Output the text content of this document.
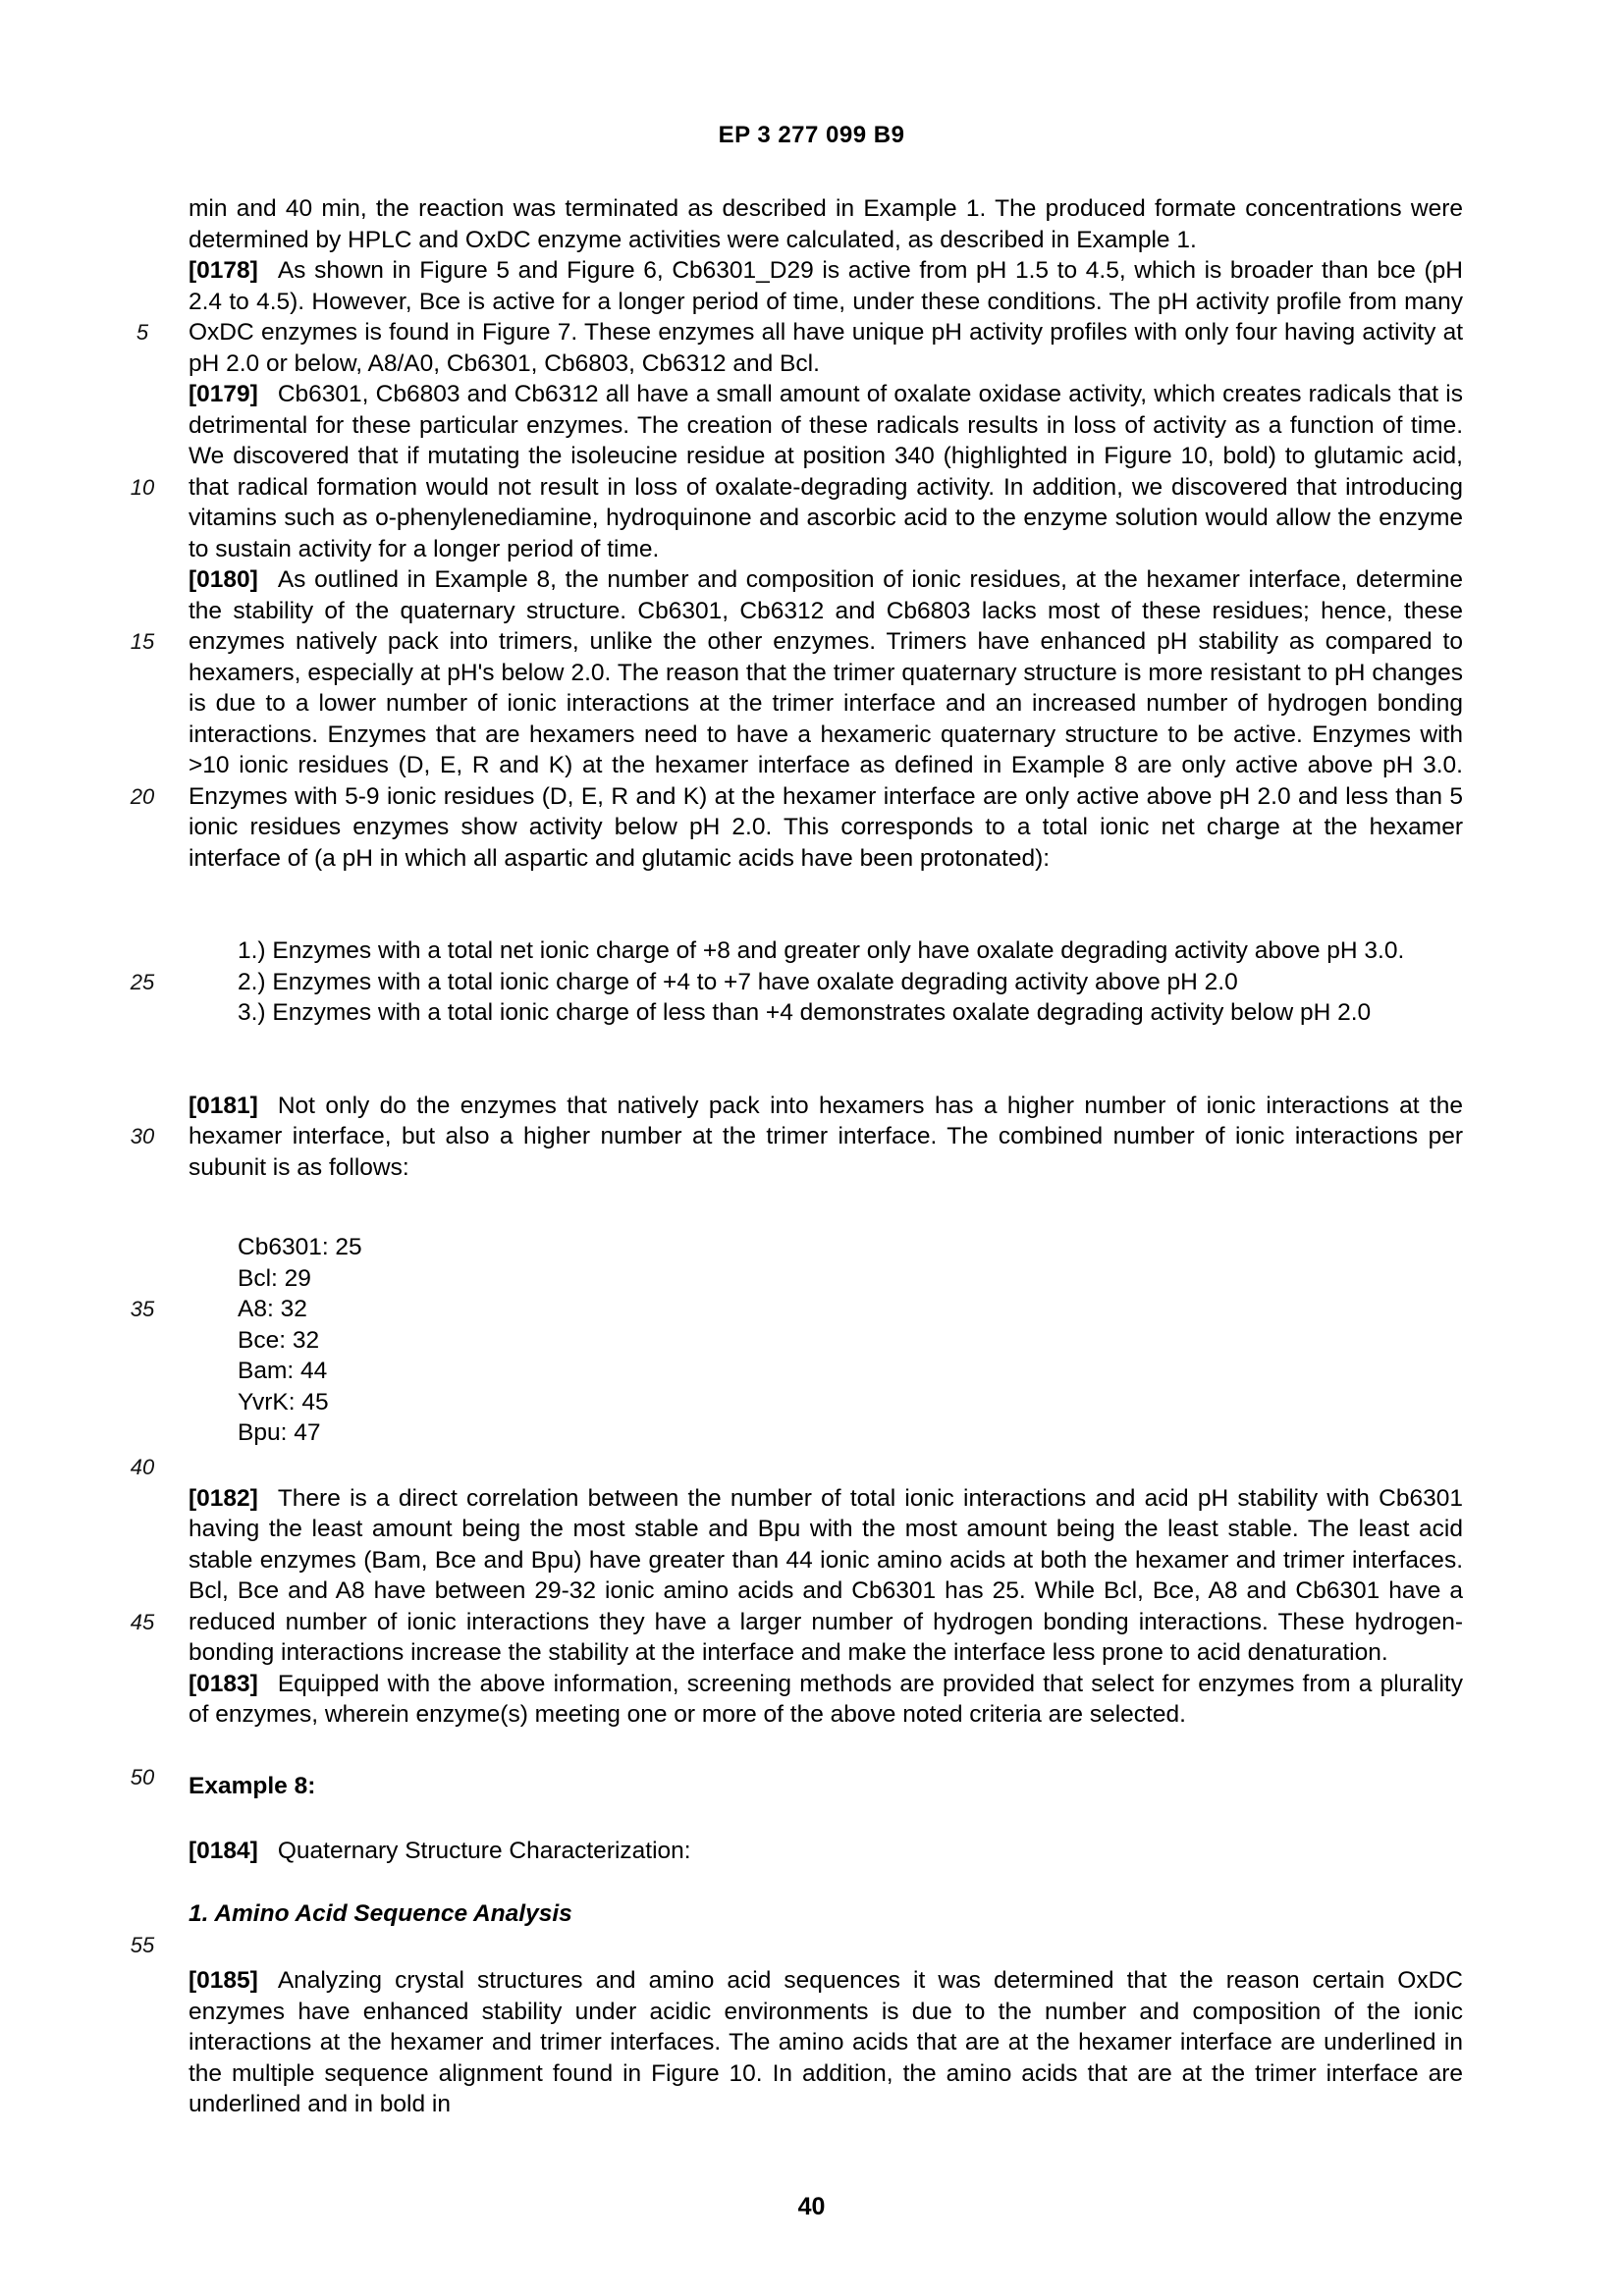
EP 3 277 099 B9
5
10
15
20
25
30
35
40
45
50
55

min and 40 min, the reaction was terminated as described in Example 1. The produced formate concentrations were determined by HPLC and OxDC enzyme activities were calculated, as described in Example 1.

[0178] As shown in Figure 5 and Figure 6, Cb6301_D29 is active from pH 1.5 to 4.5, which is broader than bce (pH 2.4 to 4.5). However, Bce is active for a longer period of time, under these conditions. The pH activity profile from many OxDC enzymes is found in Figure 7. These enzymes all have unique pH activity profiles with only four having activity at pH 2.0 or below, A8/A0, Cb6301, Cb6803, Cb6312 and Bcl.

[0179] Cb6301, Cb6803 and Cb6312 all have a small amount of oxalate oxidase activity, which creates radicals that is detrimental for these particular enzymes. The creation of these radicals results in loss of activity as a function of time. We discovered that if mutating the isoleucine residue at position 340 (highlighted in Figure 10, bold) to glutamic acid, that radical formation would not result in loss of oxalate-degrading activity. In addition, we discovered that introducing vitamins such as o-phenylenediamine, hydroquinone and ascorbic acid to the enzyme solution would allow the enzyme to sustain activity for a longer period of time.

[0180] As outlined in Example 8, the number and composition of ionic residues, at the hexamer interface, determine the stability of the quaternary structure. Cb6301, Cb6312 and Cb6803 lacks most of these residues; hence, these enzymes natively pack into trimers, unlike the other enzymes. Trimers have enhanced pH stability as compared to hexamers, especially at pH's below 2.0. The reason that the trimer quaternary structure is more resistant to pH changes is due to a lower number of ionic interactions at the trimer interface and an increased number of hydrogen bonding interactions. Enzymes that are hexamers need to have a hexameric quaternary structure to be active. Enzymes with >10 ionic residues (D, E, R and K) at the hexamer interface as defined in Example 8 are only active above pH 3.0. Enzymes with 5-9 ionic residues (D, E, R and K) at the hexamer interface are only active above pH 2.0 and less than 5 ionic residues enzymes show activity below pH 2.0. This corresponds to a total ionic net charge at the hexamer interface of (a pH in which all aspartic and glutamic acids have been protonated):

1.) Enzymes with a total net ionic charge of +8 and greater only have oxalate degrading activity above pH 3.0.
2.) Enzymes with a total ionic charge of +4 to +7 have oxalate degrading activity above pH 2.0
3.) Enzymes with a total ionic charge of less than +4 demonstrates oxalate degrading activity below pH 2.0

[0181] Not only do the enzymes that natively pack into hexamers has a higher number of ionic interactions at the hexamer interface, but also a higher number at the trimer interface. The combined number of ionic interactions per subunit is as follows:

Cb6301: 25
Bcl: 29
A8: 32
Bce: 32
Bam: 44
YvrK: 45
Bpu: 47

[0182] There is a direct correlation between the number of total ionic interactions and acid pH stability with Cb6301 having the least amount being the most stable and Bpu with the most amount being the least stable. The least acid stable enzymes (Bam, Bce and Bpu) have greater than 44 ionic amino acids at both the hexamer and trimer interfaces. Bcl, Bce and A8 have between 29-32 ionic amino acids and Cb6301 has 25. While Bcl, Bce, A8 and Cb6301 have a reduced number of ionic interactions they have a larger number of hydrogen bonding interactions. These hydrogen-bonding interactions increase the stability at the interface and make the interface less prone to acid denaturation.

[0183] Equipped with the above information, screening methods are provided that select for enzymes from a plurality of enzymes, wherein enzyme(s) meeting one or more of the above noted criteria are selected.

Example 8:

[0184] Quaternary Structure Characterization:

1. Amino Acid Sequence Analysis

[0185] Analyzing crystal structures and amino acid sequences it was determined that the reason certain OxDC enzymes have enhanced stability under acidic environments is due to the number and composition of the ionic interactions at the hexamer and trimer interfaces. The amino acids that are at the hexamer interface are underlined in the multiple sequence alignment found in Figure 10. In addition, the amino acids that are at the trimer interface are underlined and in bold in

40
